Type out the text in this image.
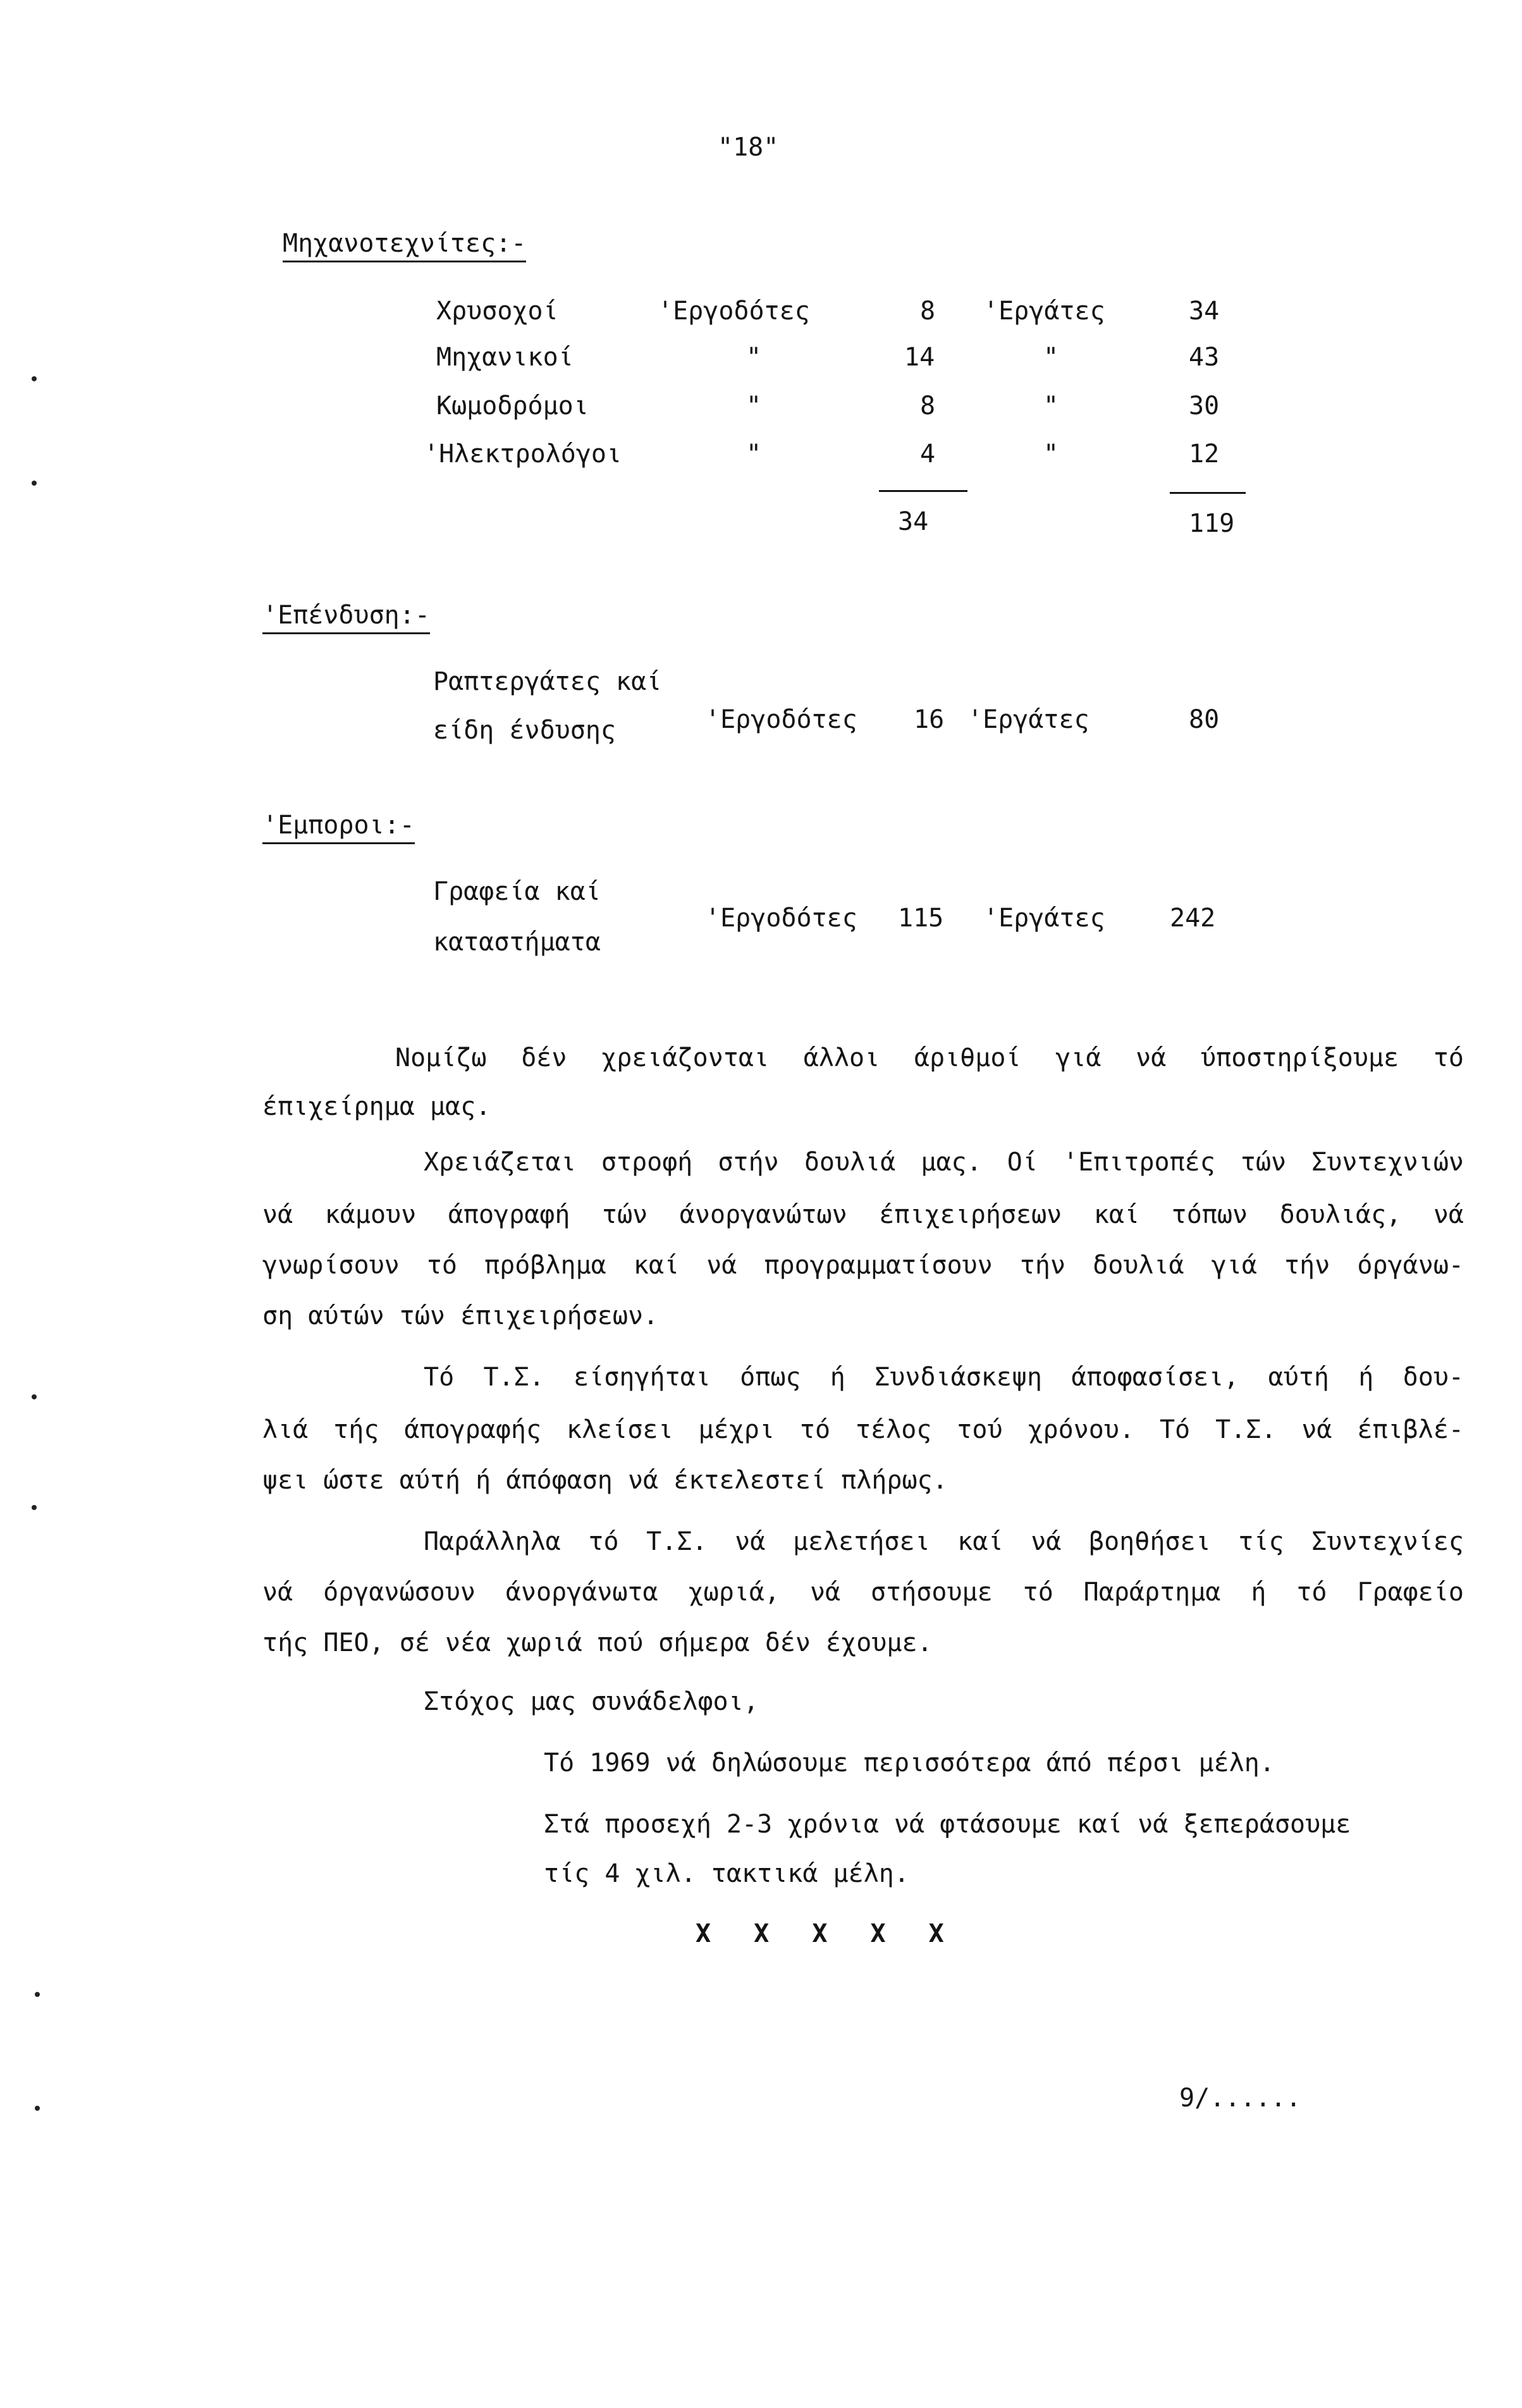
"18"
Μηχανοτεχνίτες:-
Χρυσοχοί	'Εργοδότες	8 'Εργάτες	34
Μηχανικοί	"	14	"	43
Κωμοδρόμοι	"	8	"	30
'Ηλεκτρολόγοι	"	4	"	12
34	119
'Επένδυση:-
Ραπτεργάτες καί
είδη ένδυσης	'Εργοδότες 16 'Εργάτες	80
'Εμποροι:-
Γραφεία καί
καταστήματα
'Εργοδότες 115 'Εργάτες	242
Νομίζω δέν χρειάζονται άλλοι άριθμοί γιά νά ύποστηρίξουμε τό
έπιχείρημα μας.
Χρειάζεται στροφή στήν δουλιά μας. Οί 'Επιτροπές τών Συντεχνιών
νά κάμουν άπογραφή τών άνοργανώτων έπιχειρήσεων καί τόπων δουλιάς, νά
γνωρίσουν τό πρόβλημα καί νά προγραμματίσουν τήν δουλιά γιά τήν όργάνω-
ση αύτών τών έπιχειρήσεων.
Τό Τ.Σ. είσηγήται όπως ή Συνδιάσκεψη άποφασίσει, αύτή ή δου-
λιά τής άπογραφής κλείσει μέχρι τό τέλος τού χρόνου. Τό Τ.Σ. νά έπιβλέ-
ψει ώστε αύτή ή άπόφαση νά έκτελεστεί πλήρως.
Παράλληλα τό Τ.Σ. νά μελετήσει καί νά βοηθήσει τίς Συντεχνίες
νά όργανώσουν άνοργάνωτα χωριά, νά στήσουμε τό Παράρτημα ή τό Γραφείο
τής ΠΕΟ, σέ νέα χωριά πού σήμερα δέν έχουμε.
Στόχος μας συνάδελφοι,
Τό 1969 νά δηλώσουμε περισσότερα άπό πέρσι μέλη.
Στά προσεχή 2-3 χρόνια νά φτάσουμε καί νά ξεπεράσουμε
τίς 4 χιλ. τακτικά μέλη.
X X X X X
9/......
